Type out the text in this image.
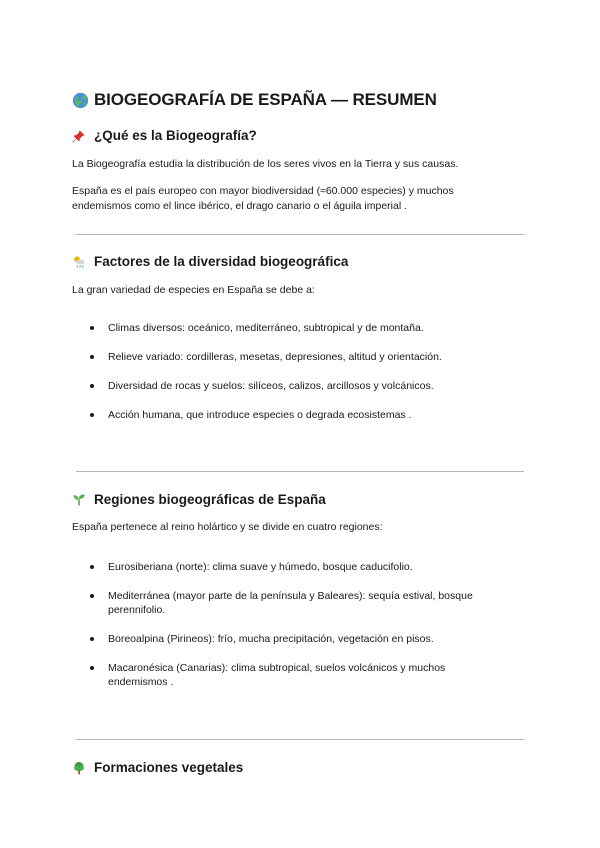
BIOGEOGRAFÍA DE ESPAÑA — RESUMEN
¿Qué es la Biogeografía?
La Biogeografía estudia la distribución de los seres vivos en la Tierra y sus causas.
España es el país europeo con mayor biodiversidad (≈60.000 especies) y muchos endemismos como el lince ibérico, el drago canario o el águila imperial .
Factores de la diversidad biogeográfica
La gran variedad de especies en España se debe a:
Climas diversos: oceánico, mediterráneo, subtropical y de montaña.
Relieve variado: cordilleras, mesetas, depresiones, altitud y orientación.
Diversidad de rocas y suelos: silíceos, calizos, arcillosos y volcánicos.
Acción humana, que introduce especies o degrada ecosistemas .
Regiones biogeográficas de España
España pertenece al reino holártico y se divide en cuatro regiones:
Eurosiberiana (norte): clima suave y húmedo, bosque caducifolio.
Mediterránea (mayor parte de la península y Baleares): sequía estival, bosque perennifolio.
Boreoalpina (Pirineos): frío, mucha precipitación, vegetación en pisos.
Macaronésica (Canarias): clima subtropical, suelos volcánicos y muchos endemismos .
Formaciones vegetales
